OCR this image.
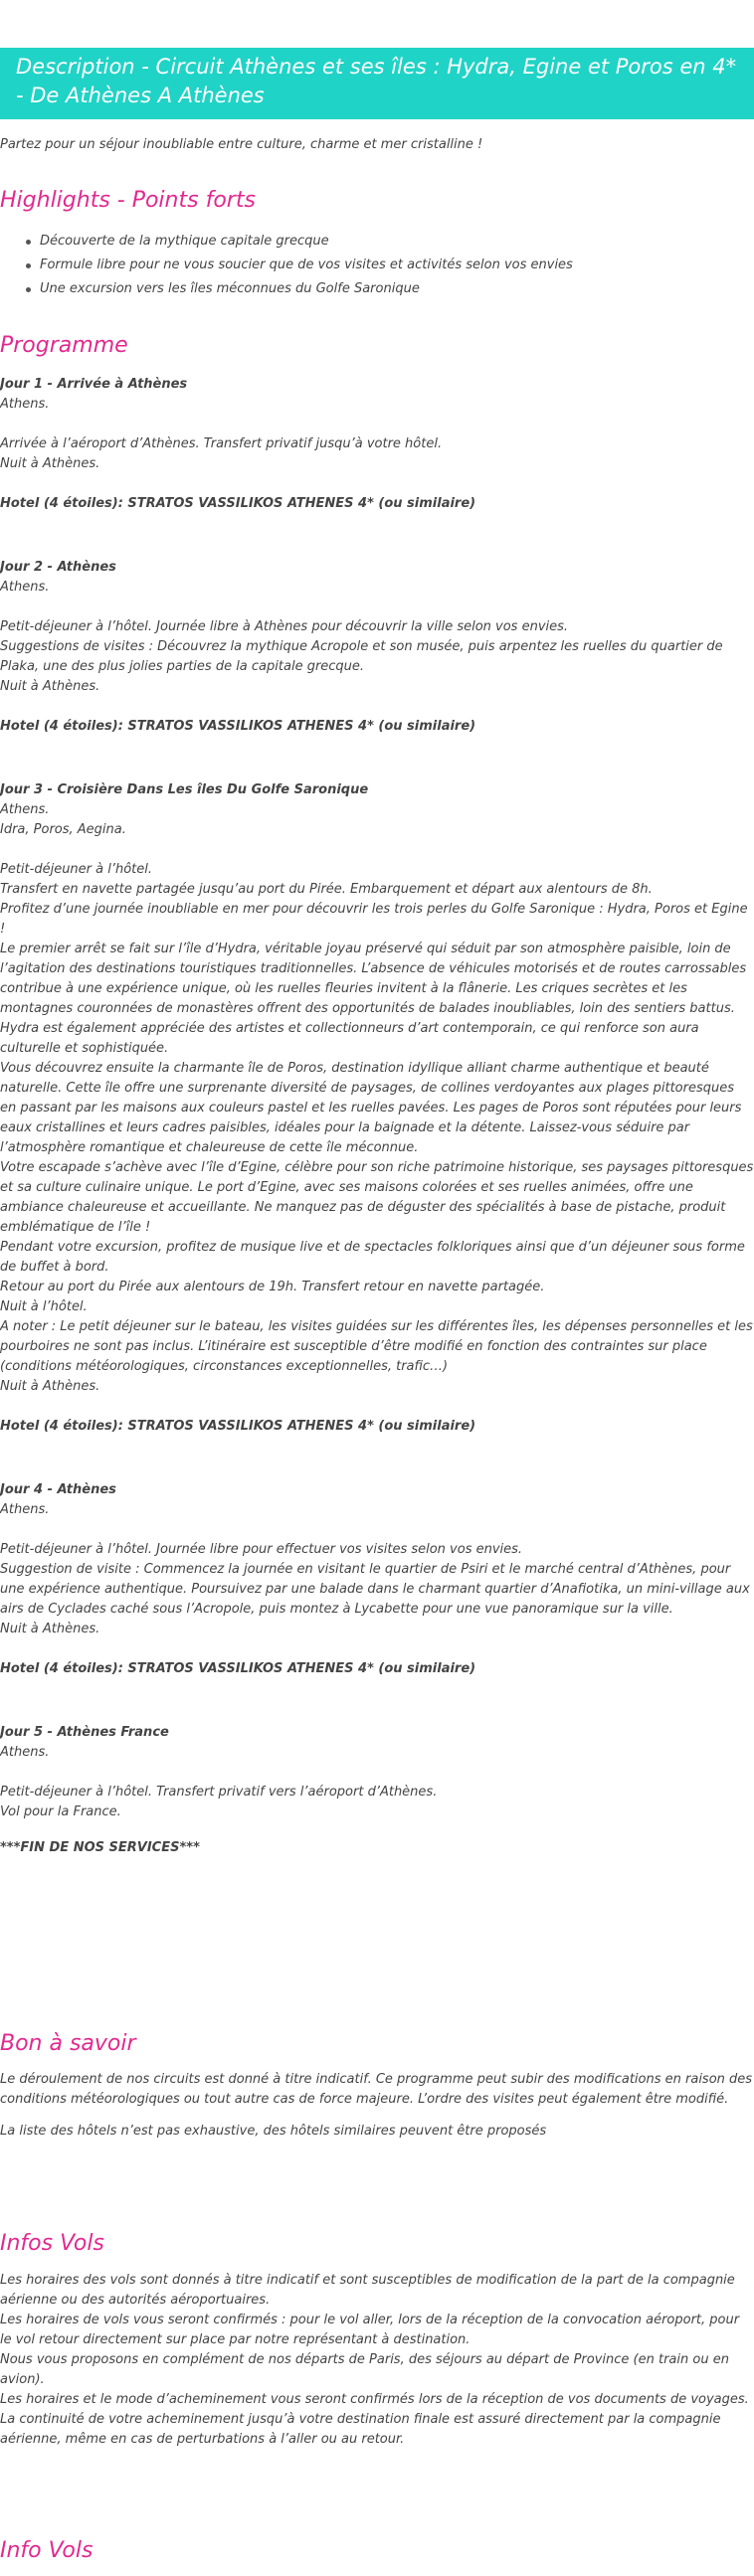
Description - Circuit Athènes et ses îles : Hydra, Egine et Poros en 4* - De Athènes A Athènes
Partez pour un séjour inoubliable entre culture, charme et mer cristalline !
Highlights - Points forts
Découverte de la mythique capitale grecque
Formule libre pour ne vous soucier que de vos visites et activités selon vos envies
Une excursion vers les îles méconnues du Golfe Saronique
Programme
Jour 1 - Arrivée à Athènes
Athens.
Arrivée à l’aéroport d’Athènes. Transfert privatif jusqu’à votre hôtel.
Nuit à Athènes.
Hotel (4 étoiles): STRATOS VASSILIKOS ATHENES 4* (ou similaire)
Jour 2 - Athènes
Athens.
Petit-déjeuner à l’hôtel. Journée libre à Athènes pour découvrir la ville selon vos envies.
Suggestions de visites : Découvrez la mythique Acropole et son musée, puis arpentez les ruelles du quartier de Plaka, une des plus jolies parties de la capitale grecque.
Nuit à Athènes.
Hotel (4 étoiles): STRATOS VASSILIKOS ATHENES 4* (ou similaire)
Jour 3 - Croisière Dans Les îles Du Golfe Saronique
Athens.
Idra, Poros, Aegina.
Petit-déjeuner à l’hôtel.
Transfert en navette partagée jusqu’au port du Pirée. Embarquement et départ aux alentours de 8h.
Profitez d’une journée inoubliable en mer pour découvrir les trois perles du Golfe Saronique : Hydra, Poros et Egine !
Le premier arrêt se fait sur l’île d’Hydra, véritable joyau préservé qui séduit par son atmosphère paisible, loin de l’agitation des destinations touristiques traditionnelles. L’absence de véhicules motorisés et de routes carrossables contribue à une expérience unique, où les ruelles fleuries invitent à la flânerie. Les criques secrètes et les montagnes couronnées de monastères offrent des opportunités de balades inoubliables, loin des sentiers battus.
Hydra est également appréciée des artistes et collectionneurs d’art contemporain, ce qui renforce son aura culturelle et sophistiquée.
Vous découvrez ensuite la charmante île de Poros, destination idyllique alliant charme authentique et beauté naturelle. Cette île offre une surprenante diversité de paysages, de collines verdoyantes aux plages pittoresques en passant par les maisons aux couleurs pastel et les ruelles pavées. Les pages de Poros sont réputées pour leurs eaux cristallines et leurs cadres paisibles, idéales pour la baignade et la détente. Laissez-vous séduire par l’atmosphère romantique et chaleureuse de cette île méconnue.
Votre escapade s’achève avec l’île d’Egine, célèbre pour son riche patrimoine historique, ses paysages pittoresques et sa culture culinaire unique. Le port d’Egine, avec ses maisons colorées et ses ruelles animées, offre une ambiance chaleureuse et accueillante. Ne manquez pas de déguster des spécialités à base de pistache, produit emblématique de l’île !
Pendant votre excursion, profitez de musique live et de spectacles folkloriques ainsi que d’un déjeuner sous forme de buffet à bord.
Retour au port du Pirée aux alentours de 19h. Transfert retour en navette partagée.
Nuit à l’hôtel.
A noter : Le petit déjeuner sur le bateau, les visites guidées sur les différentes îles, les dépenses personnelles et les pourboires ne sont pas inclus. L’itinéraire est susceptible d’être modifié en fonction des contraintes sur place (conditions météorologiques, circonstances exceptionnelles, trafic…)
Nuit à Athènes.
Hotel (4 étoiles): STRATOS VASSILIKOS ATHENES 4* (ou similaire)
Jour 4 - Athènes
Athens.
Petit-déjeuner à l’hôtel. Journée libre pour effectuer vos visites selon vos envies.
Suggestion de visite : Commencez la journée en visitant le quartier de Psiri et le marché central d’Athènes, pour une expérience authentique. Poursuivez par une balade dans le charmant quartier d’Anafiotika, un mini-village aux airs de Cyclades caché sous l’Acropole, puis montez à Lycabette pour une vue panoramique sur la ville.
Nuit à Athènes.
Hotel (4 étoiles): STRATOS VASSILIKOS ATHENES 4* (ou similaire)
Jour 5 - Athènes France
Athens.
Petit-déjeuner à l’hôtel. Transfert privatif vers l’aéroport d’Athènes.
Vol pour la France.
***FIN DE NOS SERVICES***
Bon à savoir

Le déroulement de nos circuits est donné à titre indicatif. Ce programme peut subir des modifications en raison des conditions météorologiques ou tout autre cas de force majeure. L’ordre des visites peut également être modifié.

La liste des hôtels n’est pas exhaustive, des hôtels similaires peuvent être proposés

Infos Vols

Les horaires des vols sont donnés à titre indicatif et sont susceptibles de modification de la part de la compagnie aérienne ou des autorités aéroportuaires.

Les horaires de vols vous seront confirmés : pour le vol aller, lors de la réception de la convocation aéroport, pour le vol retour directement sur place par notre représentant à destination.

Nous vous proposons en complément de nos départs de Paris, des séjours au départ de Province (en train ou en avion).

Les horaires et le mode d’acheminement vous seront confirmés lors de la réception de vos documents de voyages.

La continuité de votre acheminement jusqu’à votre destination finale est assuré directement par la compagnie aérienne, même en cas de perturbations à l’aller ou au retour.

Info Vols
